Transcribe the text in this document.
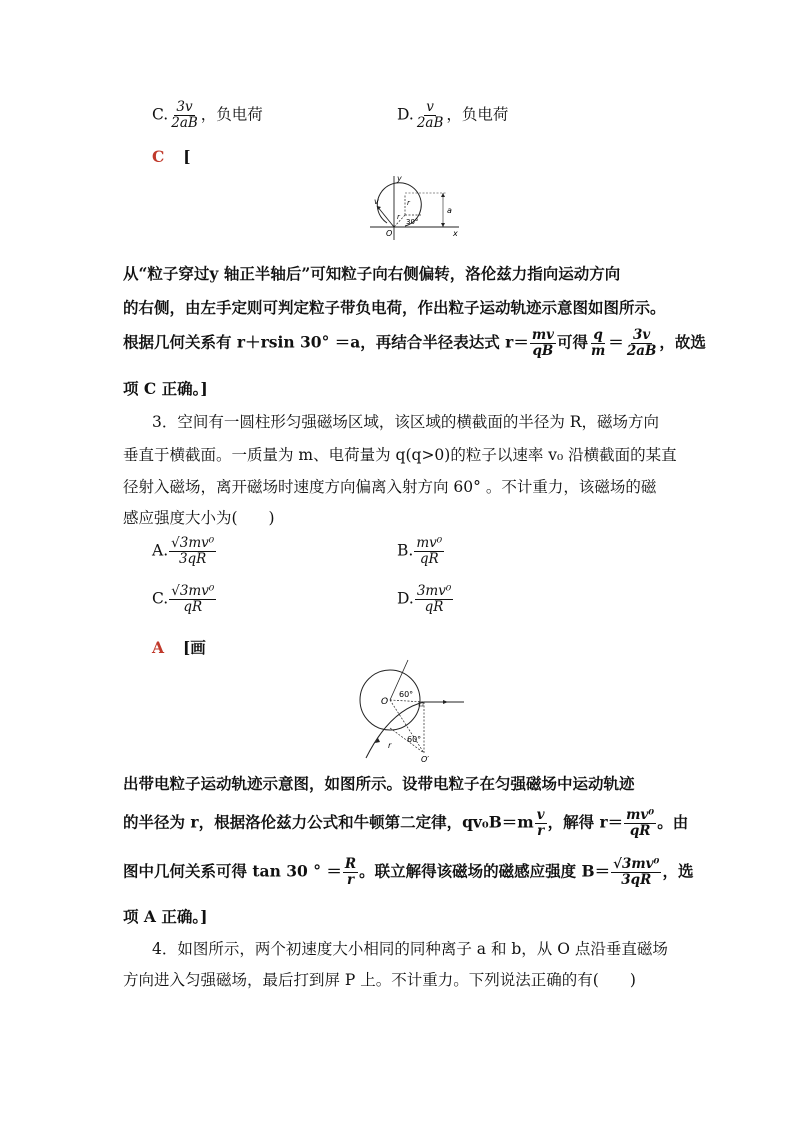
C. $\frac{3v}{2aB}$ ，负电荷	D. $\frac{v}{2aB}$ ，负电荷
C [
y
x
O
v	r
r
30°
a
从“粒子穿过y 轴正半轴后”可知粒子向右侧偏转，洛伦兹力指向运动方向
的右侧，由左手定则可判定粒子带负电荷，作出粒子运动轨迹示意图如图所示。
根据几何关系有 r＋rsin 30° ＝a，再结合半径表达式 $r= \frac{mv}{qB}$ 可得 $\frac{q}{m} = \frac{3v}{2aB}$ ，故选
项 C 正确。]
3．空间有一圆柱形匀强磁场区域，该区域的横截面的半径为 R，磁场方向
垂直于横截面。一质量为 m、电荷量为 q(q>0)的粒子以速率 v₀ 沿横截面的某直
径射入磁场，离开磁场时速度方向偏离入射方向 60° 。不计重力，该磁场的磁
感应强度大小为(　　)
A. $\frac{\text{√3mv⁰}}{3qR}$	B. $\frac{\text{mv⁰}}{qR}$
C. $\frac{\text{√3mv⁰}}{qR}$	D. $\frac{\text{3mv⁰}}{qR}$
A [画
O
60°
60°
r
O′
出带电粒子运动轨迹示意图，如图所示。设带电粒子在匀强磁场中运动轨迹
的半径为 r，根据洛伦兹力公式和牛顿第二定律，$qv_0B=m \frac{v}{r}$ ，解得 $r= \frac{\text{mv⁰}}{qR}$ 。由
图中几何关系可得 tan 30 ° ＝ $\frac{R}{r}$ 。联立解得该磁场的磁感应强度 $B= \frac{\text{√3mv⁰}}{3qR}$ ，选
项 A 正确。]
4．如图所示，两个初速度大小相同的同种离子 a 和 b，从 O 点沿垂直磁场
方向进入匀强磁场，最后打到屏 P 上。不计重力。下列说法正确的有(　　)
